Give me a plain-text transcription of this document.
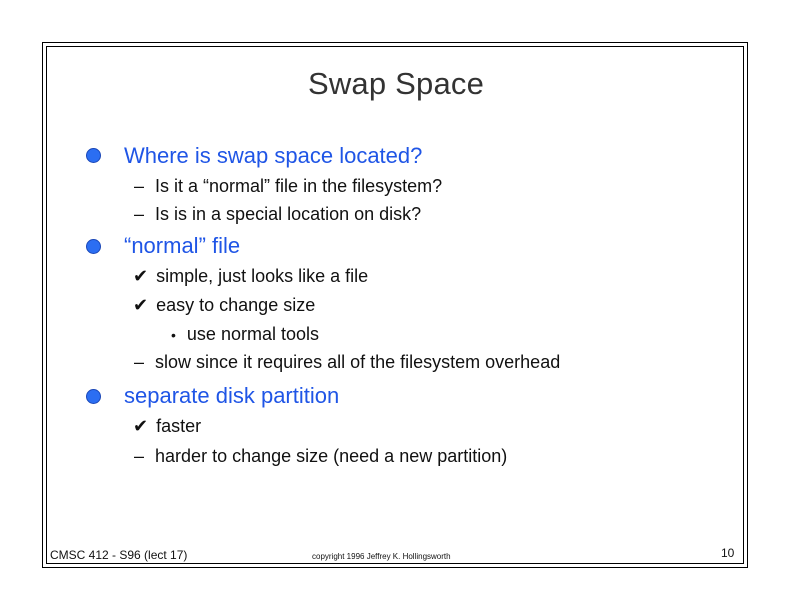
Swap Space
Where is swap space located?
– Is it a “normal” file in the filesystem?
– Is is in a special location on disk?
“normal” file
✔ simple, just looks like a file
✔ easy to change size
• use normal tools
– slow since it requires all of the filesystem overhead
separate disk partition
✔ faster
– harder to change size (need a new partition)
CMSC 412 - S96 (lect 17)	copyright 1996 Jeffrey K. Hollingsworth	10
